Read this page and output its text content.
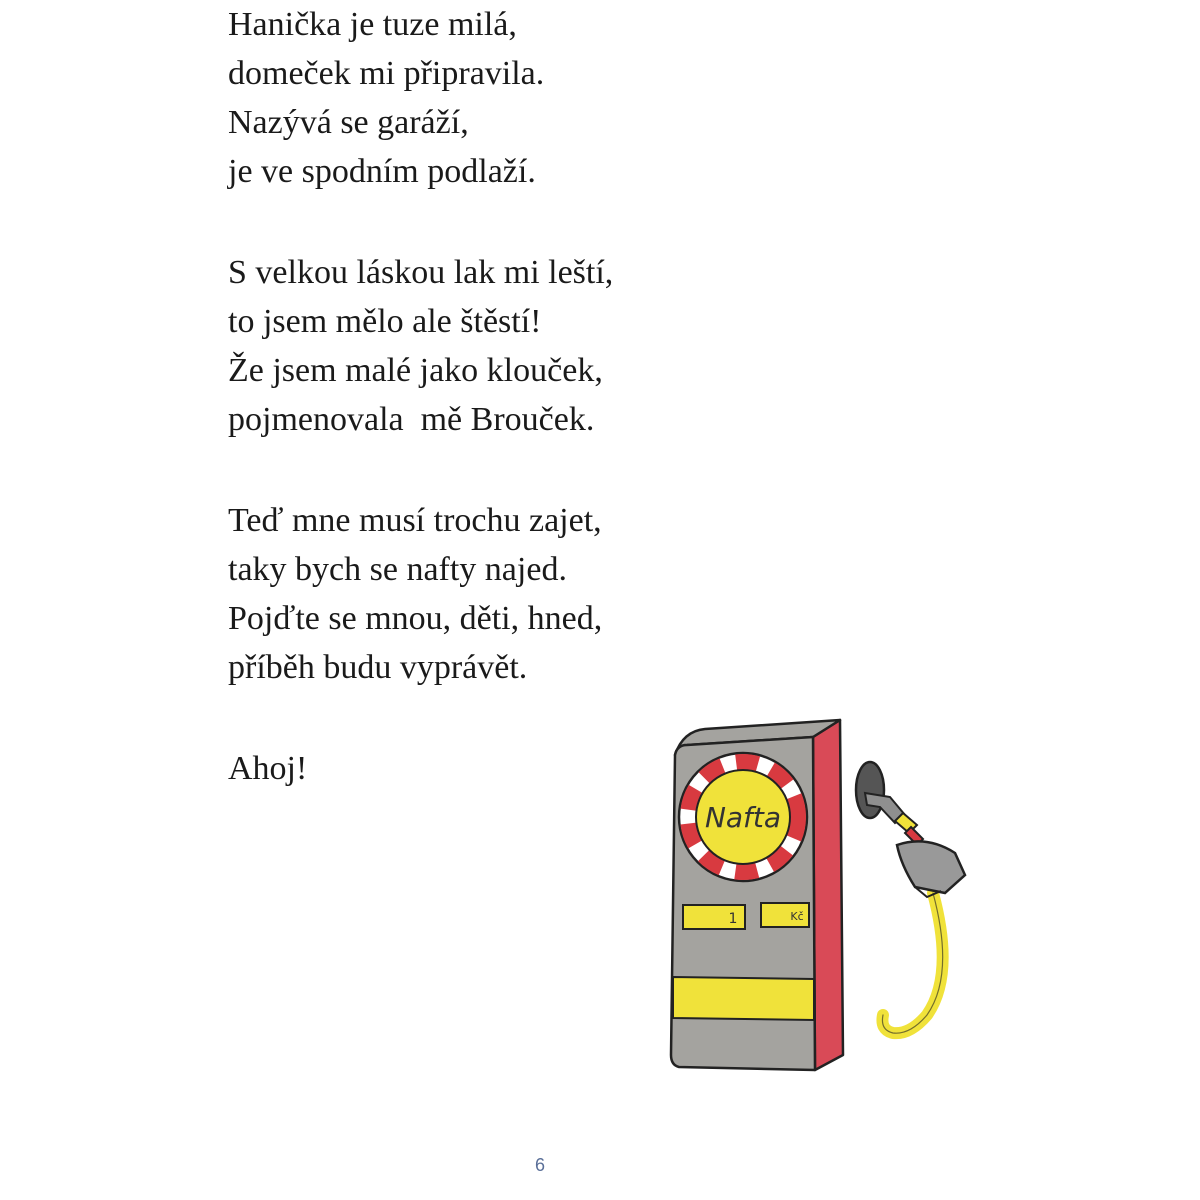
Hanička je tuze milá,
domeček mi připravila.
Nazývá se garáží,
je ve spodním podlaží.
S velkou láskou lak mi leští,
to jsem mělo ale štěstí!
Že jsem malé jako klouček,
pojmenovala  mě Brouček.
Teď mne musí trochu zajet,
taky bych se nafty najed.
Pojďte se mnou, děti, hned,
příběh budu vyprávět.
Ahoj!
Nafta
1	Kč
6
